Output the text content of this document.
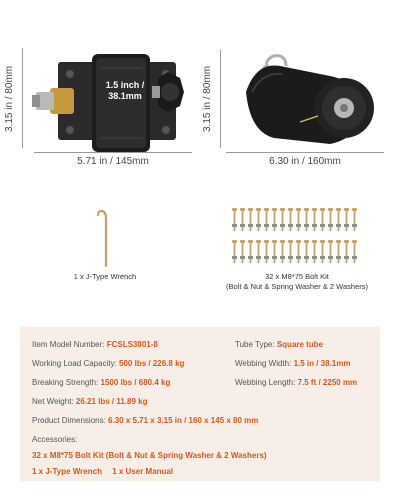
3.15 in / 80mm	1.5 inch / 38.1mm
5.71 in / 145mm
3.15 in / 80mm
6.30 in / 160mm
1 x J-Type Wrench	32 x M8*75 Bolt Kit
(Bolt & Nut & Spring Washer & 2 Washers)
Item Model Number: FCSLS3801-8	Tube Type: Square tube
Working Load Capacity: 500 lbs / 226.8 kg	Webbing Width: 1.5 in / 38.1mm
Breaking Strength: 1500 lbs / 680.4 kg	Webbing Length: 7.5 ft / 2250 mm
Net Weight: 26.21 lbs / 11.89 kg
Product Dimensions: 6.30 x 5.71 x 3.15 in / 160 x 145 x 80 mm
Accessories:
32 x M8*75 Bolt Kit (Bolt & Nut & Spring Washer & 2 Washers)
1 x J-Type Wrench 1 x User Manual
